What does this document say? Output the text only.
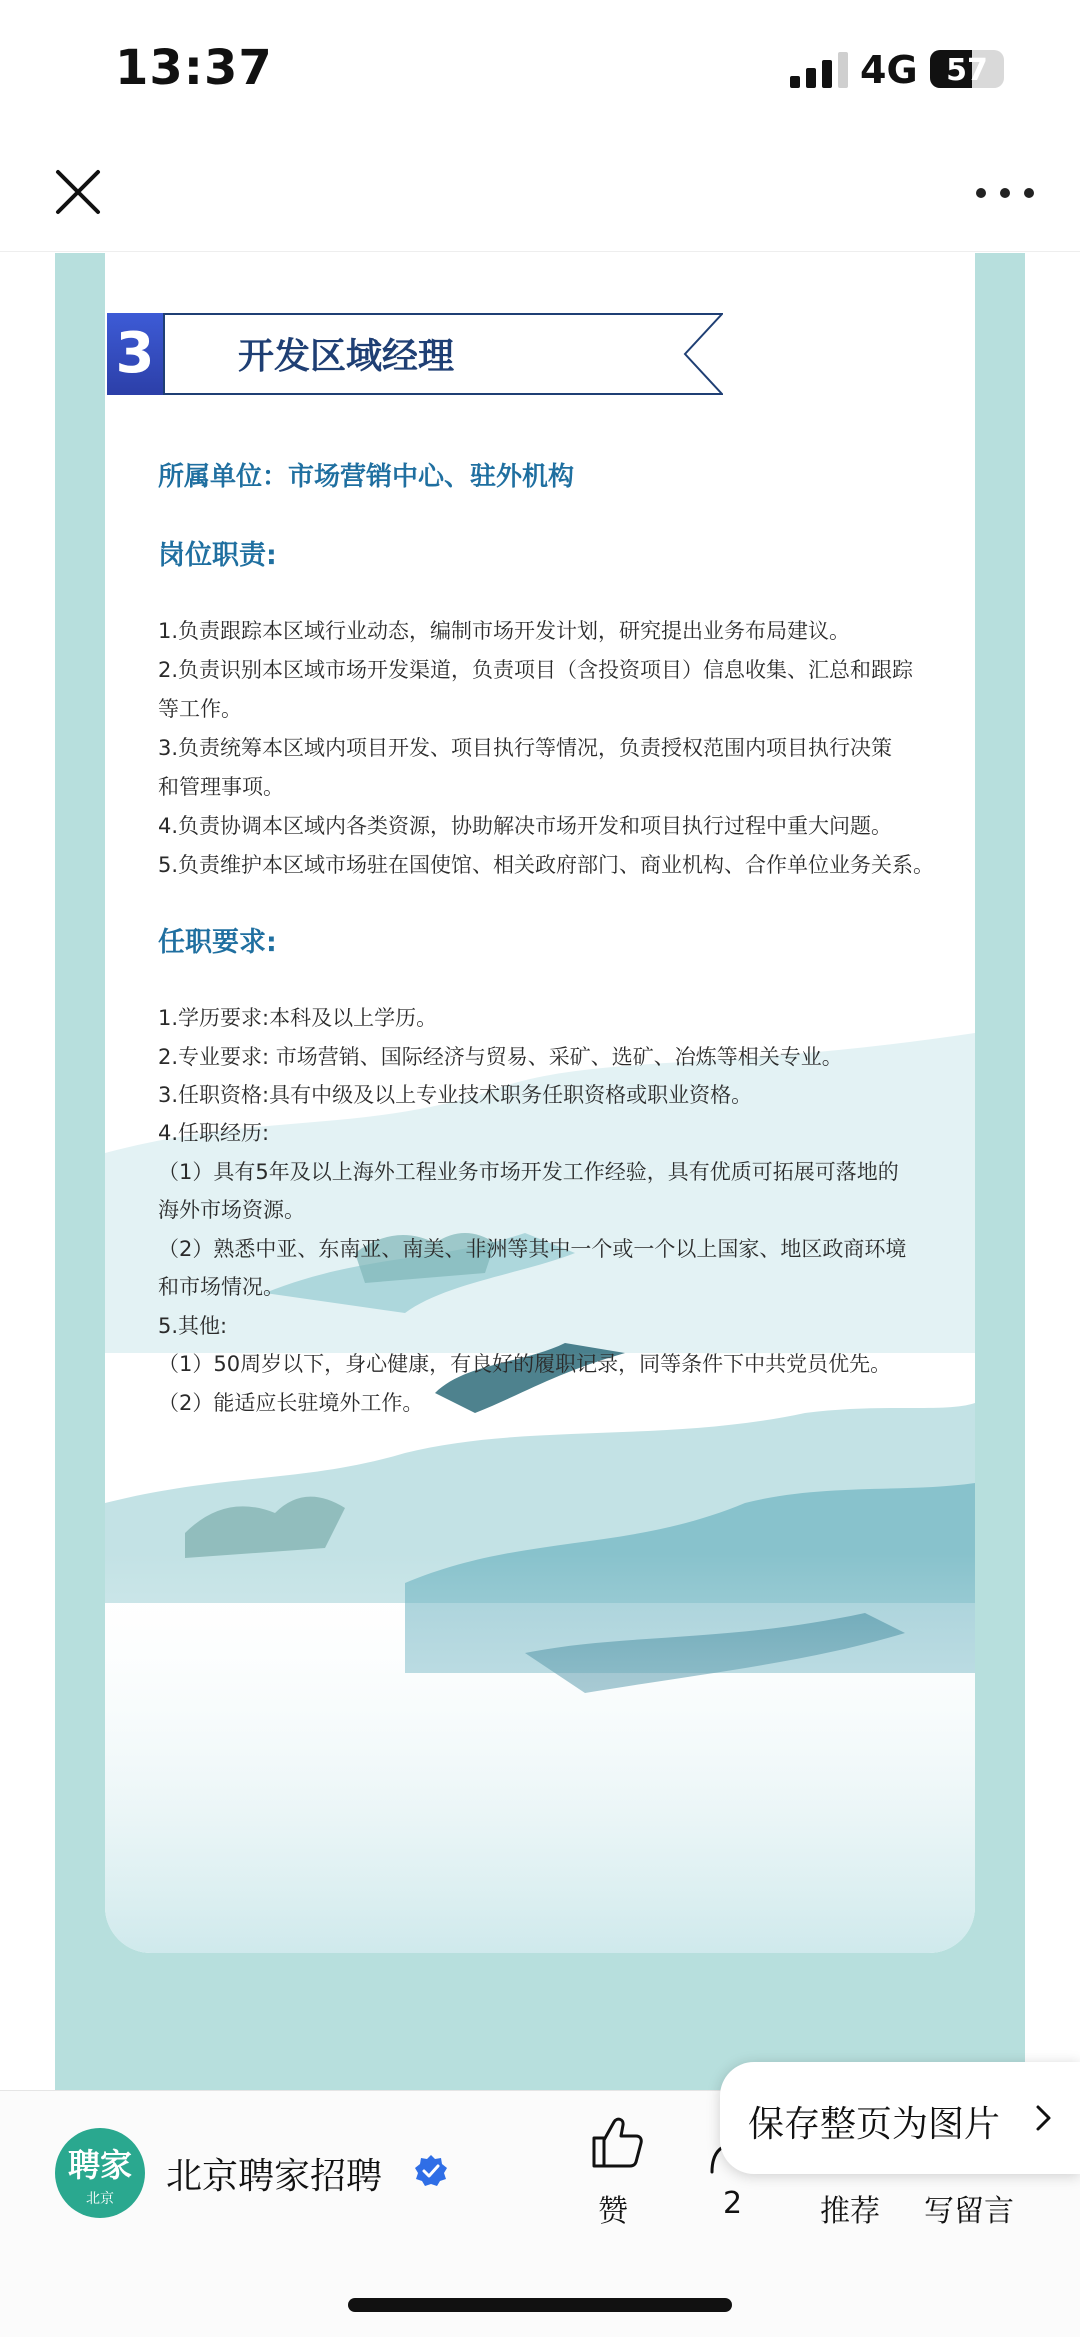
13:37	4G 57
3 开发区域经理
所属单位：市场营销中心、驻外机构
岗位职责:
1.负责跟踪本区域行业动态，编制市场开发计划，研究提出业务布局建议。
2.负责识别本区域市场开发渠道，负责项目（含投资项目）信息收集、汇总和跟踪
等工作。
3.负责统筹本区域内项目开发、项目执行等情况，负责授权范围内项目执行决策
和管理事项。
4.负责协调本区域内各类资源，协助解决市场开发和项目执行过程中重大问题。
5.负责维护本区域市场驻在国使馆、相关政府部门、商业机构、合作单位业务关系。
任职要求:
1.学历要求:本科及以上学历。
2.专业要求: 市场营销、国际经济与贸易、采矿、选矿、冶炼等相关专业。
3.任职资格:具有中级及以上专业技术职务任职资格或职业资格。
4.任职经历:
（1）具有5年及以上海外工程业务市场开发工作经验，具有优质可拓展可落地的
海外市场资源。
（2）熟悉中亚、东南亚、南美、非洲等其中一个或一个以上国家、地区政商环境
和市场情况。
5.其他:
（1）50周岁以下，身心健康，有良好的履职记录，同等条件下中共党员优先。
（2）能适应长驻境外工作。
聘家
北京
北京聘家招聘
赞	2	推荐 写留言
保存整页为图片
